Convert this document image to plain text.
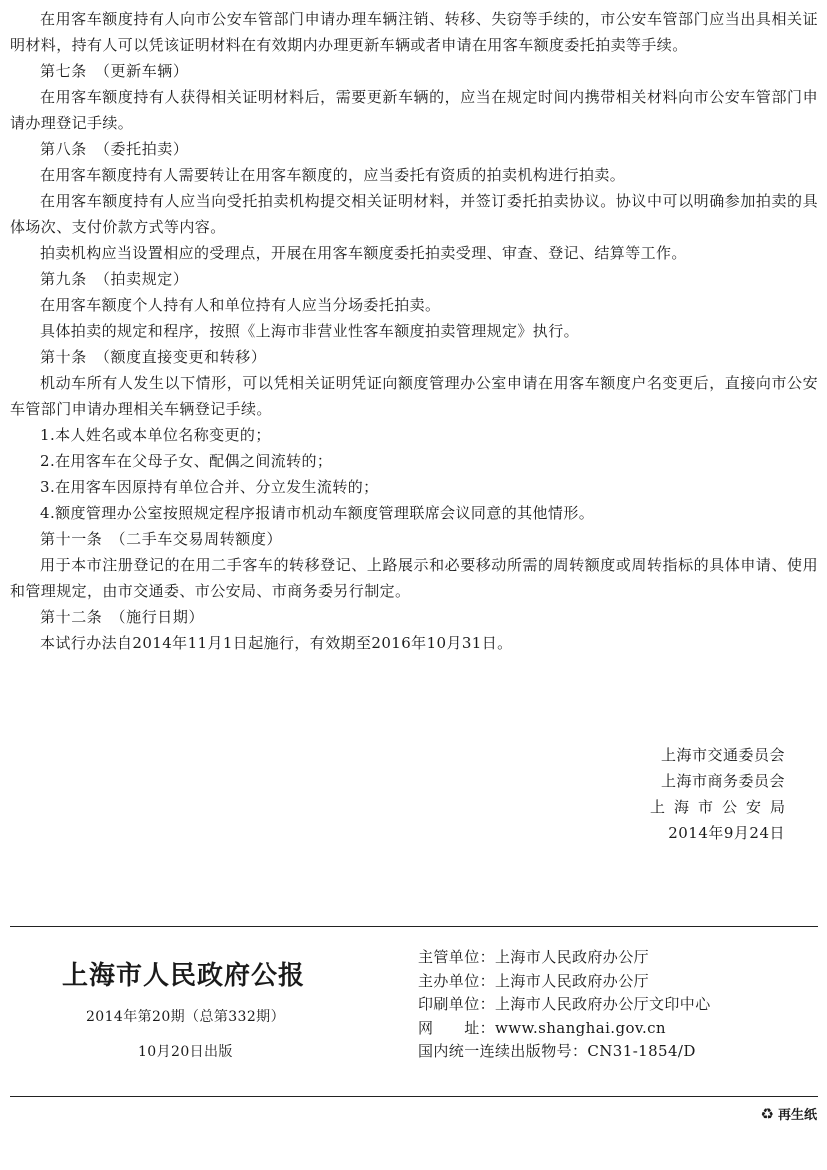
在用客车额度持有人向市公安车管部门申请办理车辆注销、转移、失窃等手续的，市公安车管部门应当出具相关证明材料，持有人可以凭该证明材料在有效期内办理更新车辆或者申请在用客车额度委托拍卖等手续。

第七条　（更新车辆）

在用客车额度持有人获得相关证明材料后，需要更新车辆的，应当在规定时间内携带相关材料向市公安车管部门申请办理登记手续。

第八条　（委托拍卖）

在用客车额度持有人需要转让在用客车额度的，应当委托有资质的拍卖机构进行拍卖。

在用客车额度持有人应当向受托拍卖机构提交相关证明材料，并签订委托拍卖协议。协议中可以明确参加拍卖的具体场次、支付价款方式等内容。

拍卖机构应当设置相应的受理点，开展在用客车额度委托拍卖受理、审查、登记、结算等工作。

第九条　（拍卖规定）

在用客车额度个人持有人和单位持有人应当分场委托拍卖。

具体拍卖的规定和程序，按照《上海市非营业性客车额度拍卖管理规定》执行。

第十条　（额度直接变更和转移）

机动车所有人发生以下情形，可以凭相关证明凭证向额度管理办公室申请在用客车额度户名变更后，直接向市公安车管部门申请办理相关车辆登记手续。

1.本人姓名或本单位名称变更的；

2.在用客车在父母子女、配偶之间流转的；

3.在用客车因原持有单位合并、分立发生流转的；

4.额度管理办公室按照规定程序报请市机动车额度管理联席会议同意的其他情形。

第十一条　（二手车交易周转额度）

用于本市注册登记的在用二手客车的转移登记、上路展示和必要移动所需的周转额度或周转指标的具体申请、使用和管理规定，由市交通委、市公安局、市商务委另行制定。

第十二条　（施行日期）

本试行办法自2014年11月1日起施行，有效期至2016年10月31日。

上海市交通委员会
上海市商务委员会
上海市公安局
2014年9月24日
上海市人民政府公报
2014年第20期（总第332期）
10月20日出版
主管单位：上海市人民政府办公厅
主办单位：上海市人民政府办公厅
印刷单位：上海市人民政府办公厅文印中心
网　　址：www.shanghai.gov.cn
国内统一连续出版物号：CN31-1854/D
♻ 再生纸
